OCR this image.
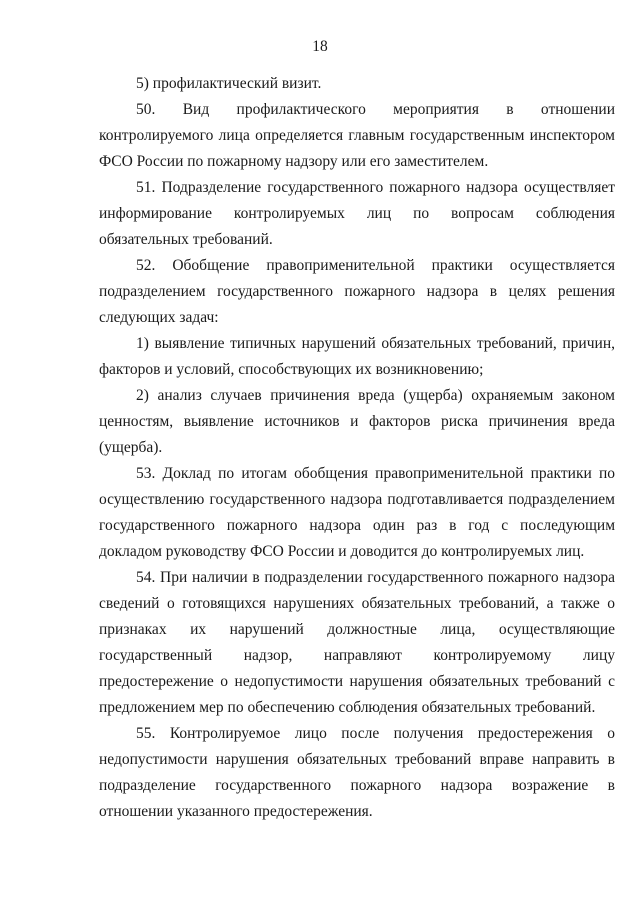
18

5) профилактический визит.

50. Вид профилактического мероприятия в отношении контролируемого лица определяется главным государственным инспектором ФСО России по пожарному надзору или его заместителем.

51. Подразделение государственного пожарного надзора осуществляет информирование контролируемых лиц по вопросам соблюдения обязательных требований.

52. Обобщение правоприменительной практики осуществляется подразделением государственного пожарного надзора в целях решения следующих задач:

1) выявление типичных нарушений обязательных требований, причин, факторов и условий, способствующих их возникновению;

2) анализ случаев причинения вреда (ущерба) охраняемым законом ценностям, выявление источников и факторов риска причинения вреда (ущерба).

53. Доклад по итогам обобщения правоприменительной практики по осуществлению государственного надзора подготавливается подразделением государственного пожарного надзора один раз в год с последующим докладом руководству ФСО России и доводится до контролируемых лиц.

54. При наличии в подразделении государственного пожарного надзора сведений о готовящихся нарушениях обязательных требований, а также о признаках их нарушений должностные лица, осуществляющие государственный надзор, направляют контролируемому лицу предостережение о недопустимости нарушения обязательных требований с предложением мер по обеспечению соблюдения обязательных требований.

55. Контролируемое лицо после получения предостережения о недопустимости нарушения обязательных требований вправе направить в подразделение государственного пожарного надзора возражение в отношении указанного предостережения.
